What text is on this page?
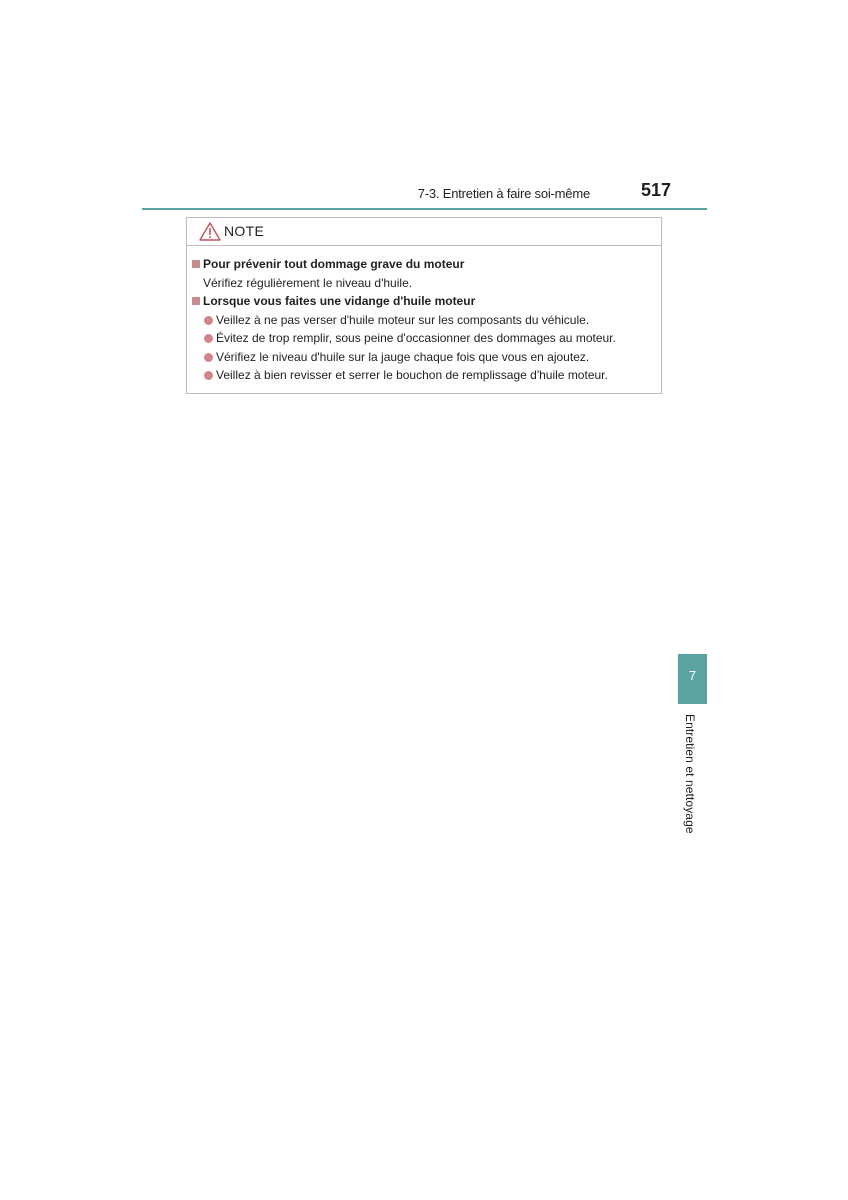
7-3. Entretien à faire soi-même	517
NOTE
Pour prévenir tout dommage grave du moteur
Vérifiez régulièrement le niveau d'huile.
Lorsque vous faites une vidange d'huile moteur
Veillez à ne pas verser d'huile moteur sur les composants du véhicule.
Évitez de trop remplir, sous peine d'occasionner des dommages au moteur.
Vérifiez le niveau d'huile sur la jauge chaque fois que vous en ajoutez.
Veillez à bien revisser et serrer le bouchon de remplissage d'huile moteur.
7
Entretien et nettoyage
